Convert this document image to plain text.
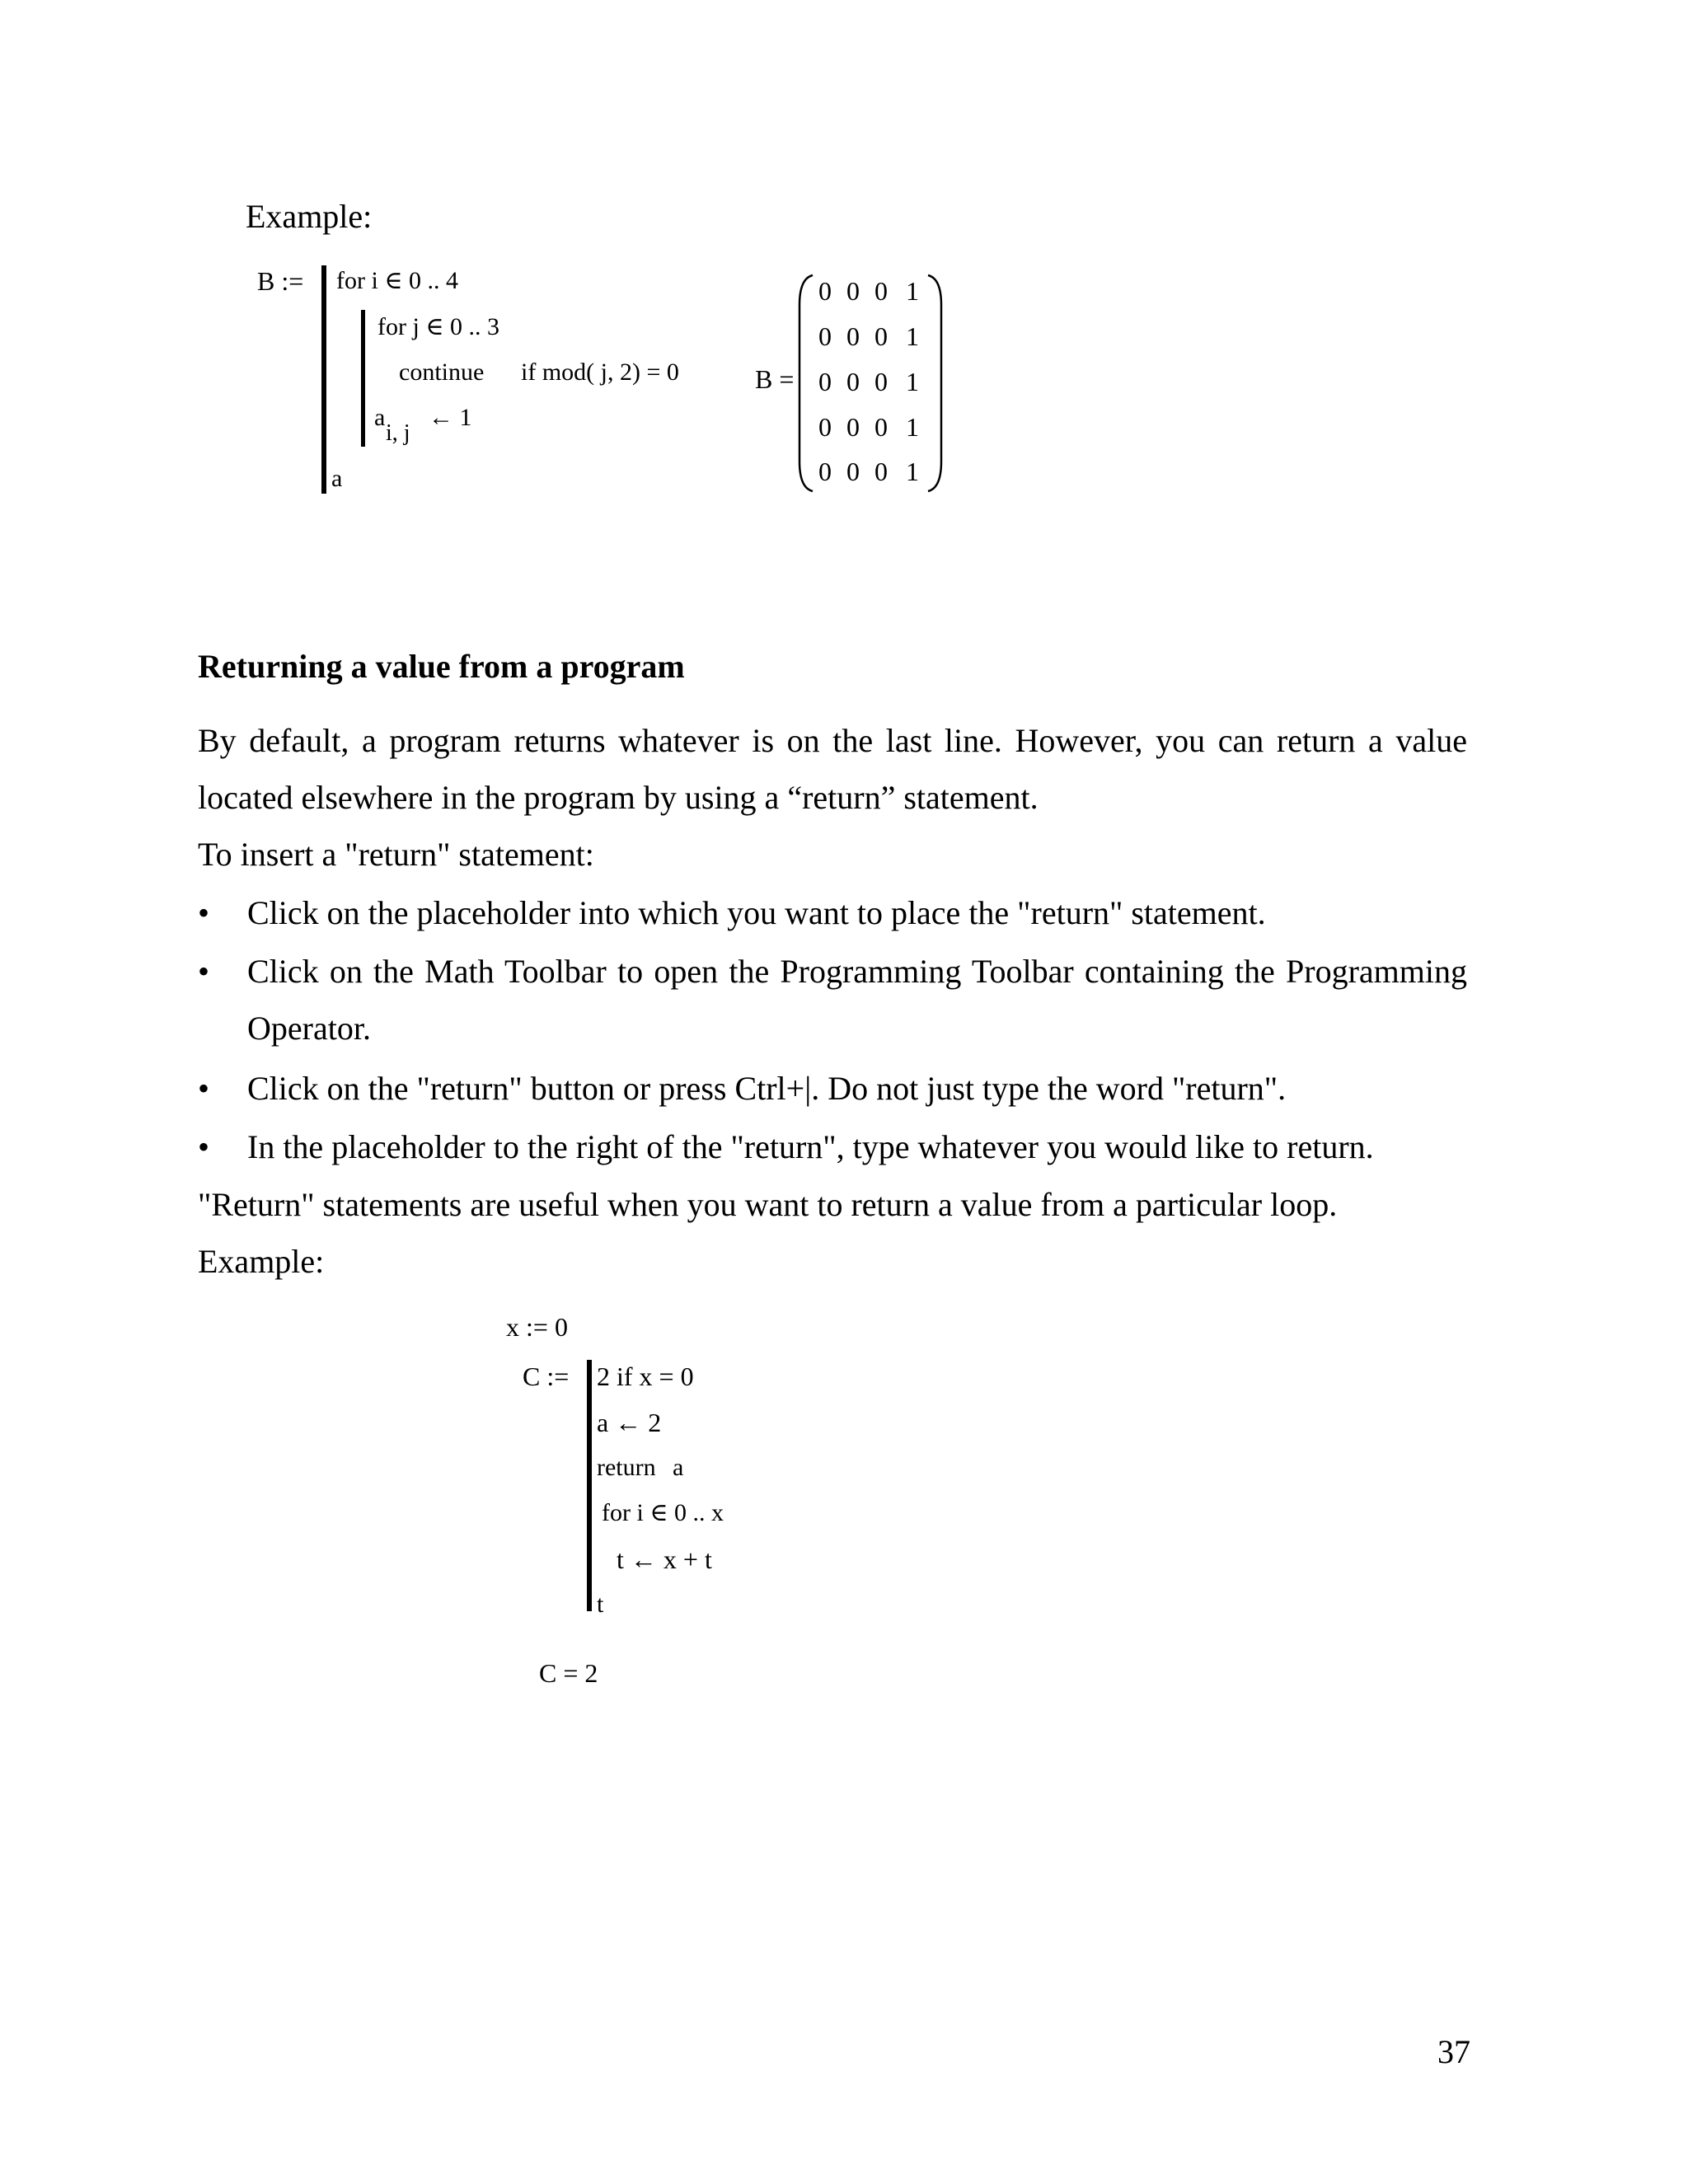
Example:
B := for i ∈ 0 .. 4
for j ∈ 0 .. 3
continue if mod( j, 2) = 0
a
i, j
← 1
a
B =
0 0 0 1
0 0 0 1
0 0 0 1
0 0 0 1
0 0 0 1
Returning a value from a program
By default, a program returns whatever is on the last line. However, you can return a value
located elsewhere in the program by using a “return” statement.
To insert a "return" statement:
• Click on the placeholder into which you want to place the "return" statement.
• Click on the Math Toolbar to open the Programming Toolbar containing the Programming
Operator.
• Click on the "return" button or press Ctrl+|. Do not just type the word "return".
• In the placeholder to the right of the "return", type whatever you would like to return.
"Return" statements are useful when you want to return a value from a particular loop.
Example:
x := 0
C := 2 if x = 0
a ← 2
return a
for i ∈ 0 .. x
t ← x + t
t
C = 2
37
